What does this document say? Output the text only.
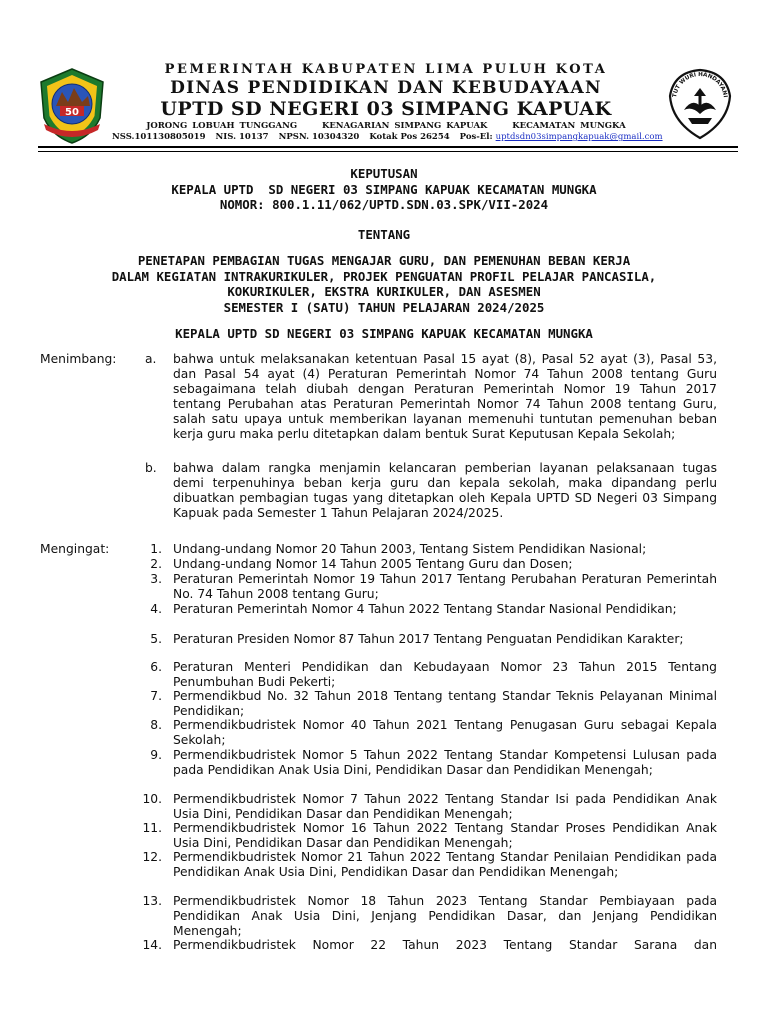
50
PEMERINTAH KABUPATEN LIMA PULUH KOTA
DINAS PENDIDIKAN DAN KEBUDAYAAN
UPTD SD NEGERI 03 SIMPANG KAPUAK
JORONG LOBUAH TUNGGANG     KENAGARIAN SIMPANG KAPUAK     KECAMATAN MUNGKA
NSS.101130805019 NIS. 10137 NPSN. 10304320 Kotak Pos 26254 Pos-El: uptdsdn03simpangkapuak@gmail.com
TUT WURI HANDAYANI
KEPUTUSAN
KEPALA UPTD  SD NEGERI 03 SIMPANG KAPUAK KECAMATAN MUNGKA
NOMOR: 800.1.11/062/UPTD.SDN.03.SPK/VII-2024
TENTANG
PENETAPAN PEMBAGIAN TUGAS MENGAJAR GURU, DAN PEMENUHAN BEBAN KERJA
DALAM KEGIATAN INTRAKURIKULER, PROJEK PENGUATAN PROFIL PELAJAR PANCASILA,
KOKURIKULER, EKSTRA KURIKULER, DAN ASESMEN
SEMESTER I (SATU) TAHUN PELAJARAN 2024/2025
KEPALA UPTD SD NEGERI 03 SIMPANG KAPUAK KECAMATAN MUNGKA
Menimbang: a.	bahwa untuk melaksanakan ketentuan Pasal 15 ayat (8), Pasal 52 ayat (3), Pasal 53, dan Pasal 54 ayat (4) Peraturan Pemerintah Nomor 74 Tahun 2008 tentang Guru sebagaimana telah diubah dengan Peraturan Pemerintah Nomor 19 Tahun 2017 tentang Perubahan atas Peraturan Pemerintah Nomor 74 Tahun 2008 tentang Guru, salah satu upaya untuk memberikan layanan memenuhi tuntutan pemenuhan beban kerja guru maka perlu ditetapkan dalam bentuk Surat Keputusan Kepala Sekolah;
b.	bahwa dalam rangka menjamin kelancaran pemberian layanan pelaksanaan tugas demi terpenuhinya beban kerja guru dan kepala sekolah, maka dipandang perlu dibuatkan pembagian tugas yang ditetapkan oleh Kepala UPTD SD Negeri 03 Simpang Kapuak pada Semester 1 Tahun Pelajaran 2024/2025.
Mengingat:	1. Undang-undang Nomor 20 Tahun 2003, Tentang Sistem Pendidikan Nasional;
2. Undang-undang Nomor 14 Tahun 2005 Tentang Guru dan Dosen;
3. Peraturan Pemerintah Nomor 19 Tahun 2017 Tentang Perubahan Peraturan Pemerintah No. 74 Tahun 2008 tentang Guru;
4. Peraturan Pemerintah Nomor 4 Tahun 2022 Tentang Standar Nasional Pendidikan;
5. Peraturan Presiden Nomor 87 Tahun 2017 Tentang Penguatan Pendidikan Karakter;
6. Peraturan Menteri Pendidikan dan Kebudayaan Nomor 23 Tahun 2015 Tentang Penumbuhan Budi Pekerti;
7. Permendikbud No. 32 Tahun 2018 Tentang tentang Standar Teknis Pelayanan Minimal Pendidikan;
8. Permendikbudristek Nomor 40 Tahun 2021 Tentang Penugasan Guru sebagai Kepala Sekolah;
9. Permendikbudristek Nomor 5 Tahun 2022 Tentang Standar Kompetensi Lulusan pada pada Pendidikan Anak Usia Dini, Pendidikan Dasar dan Pendidikan Menengah;
10. Permendikbudristek Nomor 7 Tahun 2022 Tentang Standar Isi pada Pendidikan Anak Usia Dini, Pendidikan Dasar dan Pendidikan Menengah;
11. Permendikbudristek Nomor 16 Tahun 2022 Tentang Standar Proses Pendidikan Anak Usia Dini, Pendidikan Dasar dan Pendidikan Menengah;
12. Permendikbudristek Nomor 21 Tahun 2022 Tentang Standar Penilaian Pendidikan pada Pendidikan Anak Usia Dini, Pendidikan Dasar dan Pendidikan Menengah;
13. Permendikbudristek Nomor 18 Tahun 2023 Tentang Standar Pembiayaan pada Pendidikan Anak Usia Dini, Jenjang Pendidikan Dasar, dan Jenjang Pendidikan Menengah;
14. Permendikbudristek Nomor 22 Tahun 2023 Tentang Standar Sarana dan
